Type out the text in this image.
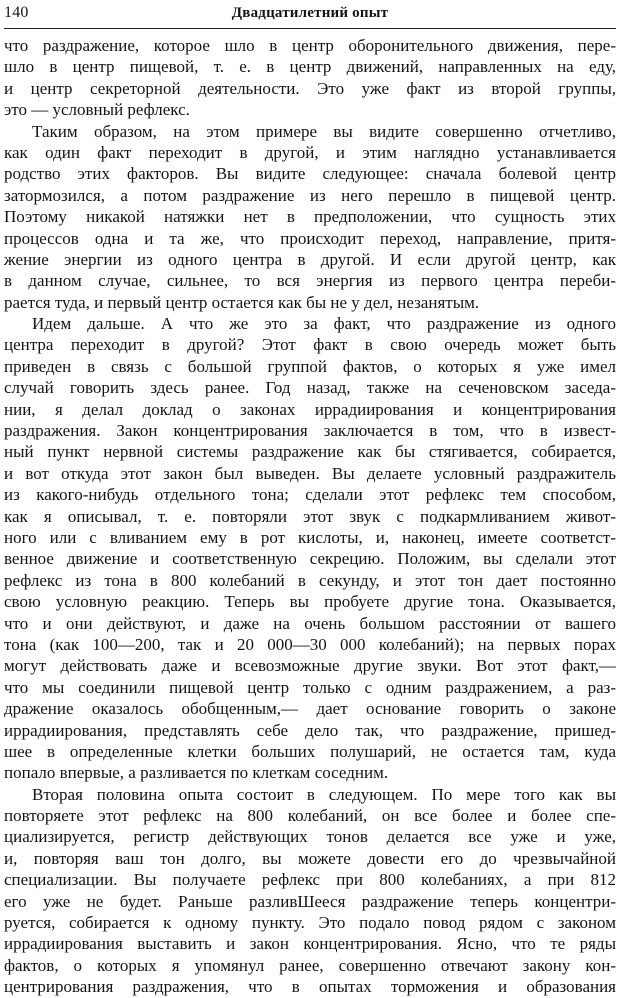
140	Двадцатилетний опыт
что раздражение, которое шло в центр оборонительного движения, пере-
шло в центр пищевой, т. е. в центр движений, направленных на еду,
и центр секреторной деятельности. Это уже факт из второй группы,
это — условный рефлекс.
Таким образом, на этом примере вы видите совершенно отчетливо,
как один факт переходит в другой, и этим наглядно устанавливается
родство этих факторов. Вы видите следующее: сначала болевой центр
затормозился, а потом раздражение из него перешло в пищевой центр.
Поэтому никакой натяжки нет в предположении, что сущность этих
процессов одна и та же, что происходит переход, направление, притя-
жение энергии из одного центра в другой. И если другой центр, как
в данном случае, сильнее, то вся энергия из первого центра переби-
рается туда, и первый центр остается как бы не у дел, незанятым.
Идем дальше. А что же это за факт, что раздражение из одного
центра переходит в другой? Этот факт в свою очередь может быть
приведен в связь с большой группой фактов, о которых я уже имел
случай говорить здесь ранее. Год назад, также на сеченовском заседа-
нии, я делал доклад о законах иррадиирования и концентрирования
раздражения. Закон концентрирования заключается в том, что в извест-
ный пункт нервной системы раздражение как бы стягивается, собирается,
и вот откуда этот закон был выведен. Вы делаете условный раздражитель
из какого-нибудь отдельного тона; сделали этот рефлекс тем способом,
как я описывал, т. е. повторяли этот звук с подкармливанием живот-
ного или с вливанием ему в рот кислоты, и, наконец, имеете соответст-
венное движение и соответственную секрецию. Положим, вы сделали этот
рефлекс из тона в 800 колебаний в секунду, и этот тон дает постоянно
свою условную реакцию. Теперь вы пробуете другие тона. Оказывается,
что и они действуют, и даже на очень большом расстоянии от вашего
тона (как 100—200, так и 20 000—30 000 колебаний); на первых порах
могут действовать даже и всевозможные другие звуки. Вот этот факт,—
что мы соединили пищевой центр только с одним раздражением, а раз-
дражение оказалось обобщенным,— дает основание говорить о законе
иррадиирования, представлять себе дело так, что раздражение, пришед-
шее в определенные клетки больших полушарий, не остается там, куда
попало впервые, а разливается по клеткам соседним.
Вторая половина опыта состоит в следующем. По мере того как вы
повторяете этот рефлекс на 800 колебаний, он все более и более спе-
циализируется, регистр действующих тонов делается все уже и уже,
и, повторяя ваш тон долго, вы можете довести его до чрезвычайной
специализации. Вы получаете рефлекс при 800 колебаниях, а при 812
его уже не будет. Раньше разливШееся раздражение теперь концентри-
руется, собирается к одному пункту. Это подало повод рядом с законом
иррадиирования выставить и закон концентрирования. Ясно, что те ряды
фактов, о которых я упомянул ранее, совершенно отвечают закону кон-
центрирования раздражения, что в опытах торможения и образования
